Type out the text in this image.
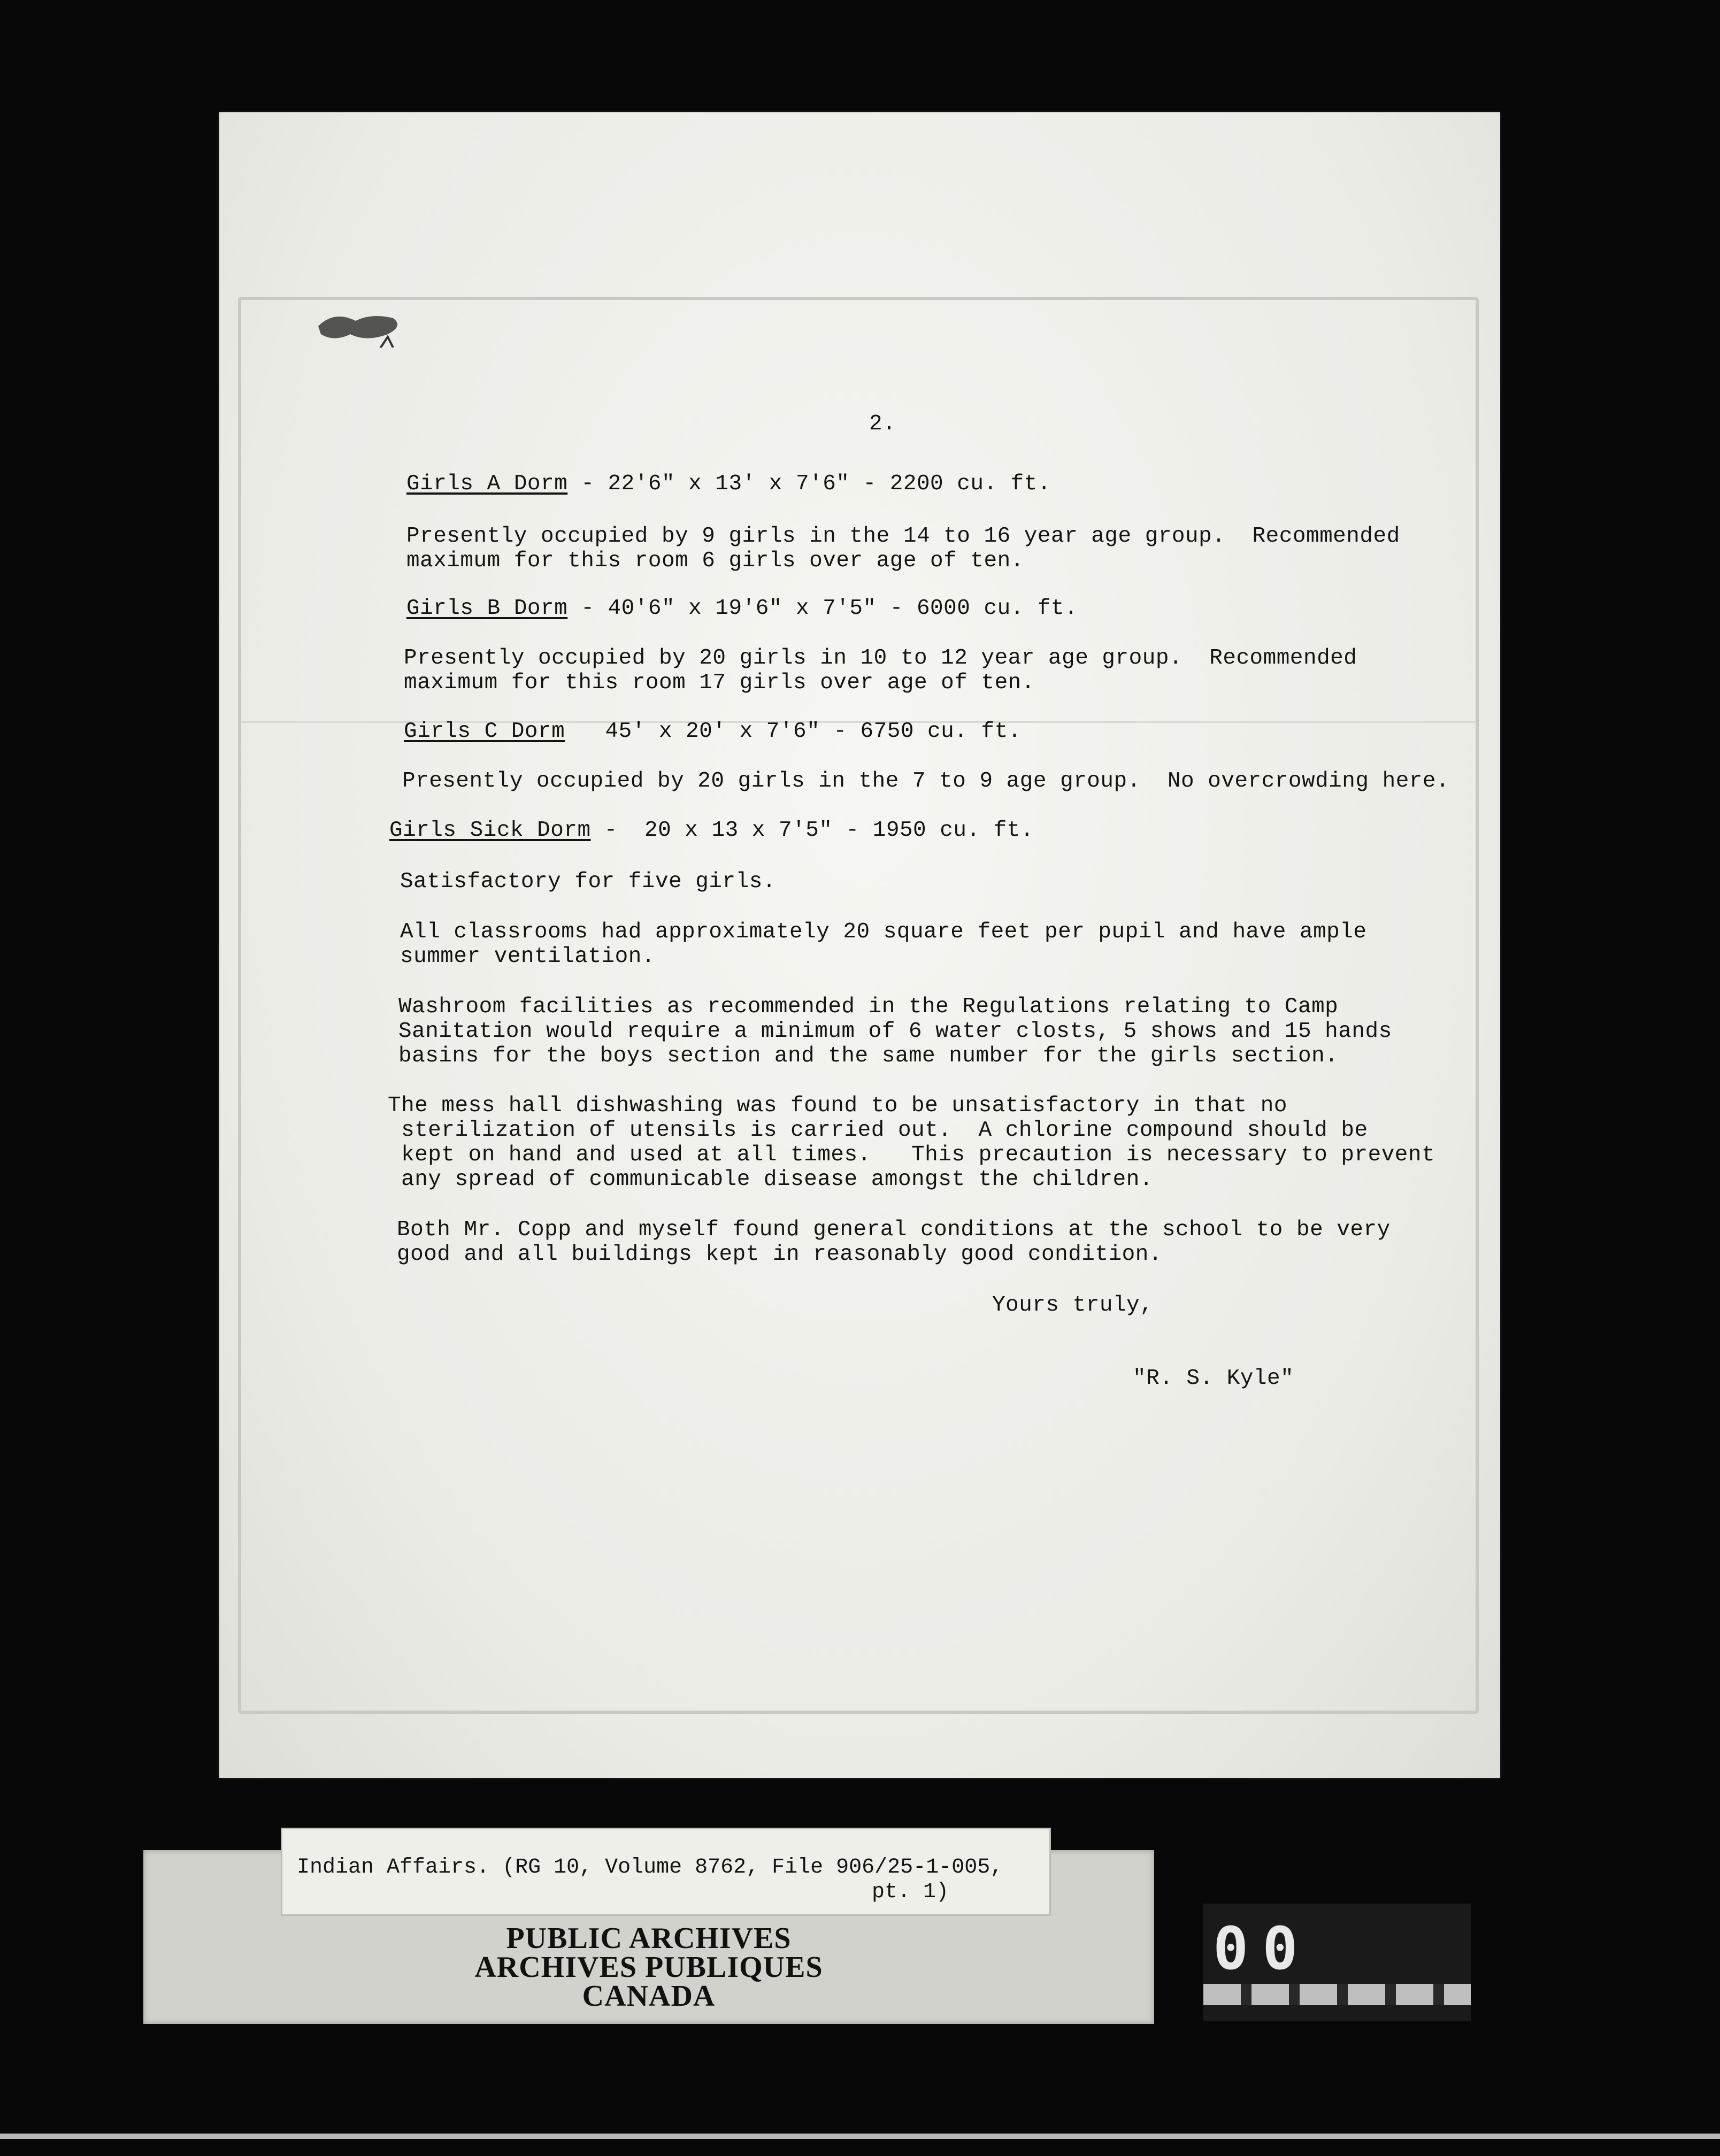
2.
Girls A Dorm - 22'6" x 13' x 7'6" - 2200 cu. ft.
Presently occupied by 9 girls in the 14 to 16 year age group.  Recommended
maximum for this room 6 girls over age of ten.
Girls B Dorm - 40'6" x 19'6" x 7'5" - 6000 cu. ft.
Presently occupied by 20 girls in 10 to 12 year age group.  Recommended
maximum for this room 17 girls over age of ten.
Girls C Dorm   45' x 20' x 7'6" - 6750 cu. ft.
Presently occupied by 20 girls in the 7 to 9 age group.  No overcrowding here.
Girls Sick Dorm -  20 x 13 x 7'5" - 1950 cu. ft.
Satisfactory for five girls.
All classrooms had approximately 20 square feet per pupil and have ample
summer ventilation.
Washroom facilities as recommended in the Regulations relating to Camp
Sanitation would require a minimum of 6 water closts, 5 shows and 15 hands
basins for the boys section and the same number for the girls section.
The mess hall dishwashing was found to be unsatisfactory in that no
sterilization of utensils is carried out.  A chlorine compound should be
kept on hand and used at all times.   This precaution is necessary to prevent
any spread of communicable disease amongst the children.
Both Mr. Copp and myself found general conditions at the school to be very
good and all buildings kept in reasonably good condition.
Yours truly,
"R. S. Kyle"
Indian Affairs. (RG 10, Volume 8762, File 906/25-1-005,
pt. 1)
PUBLIC ARCHIVES
ARCHIVES PUBLIQUES
CANADA
00
